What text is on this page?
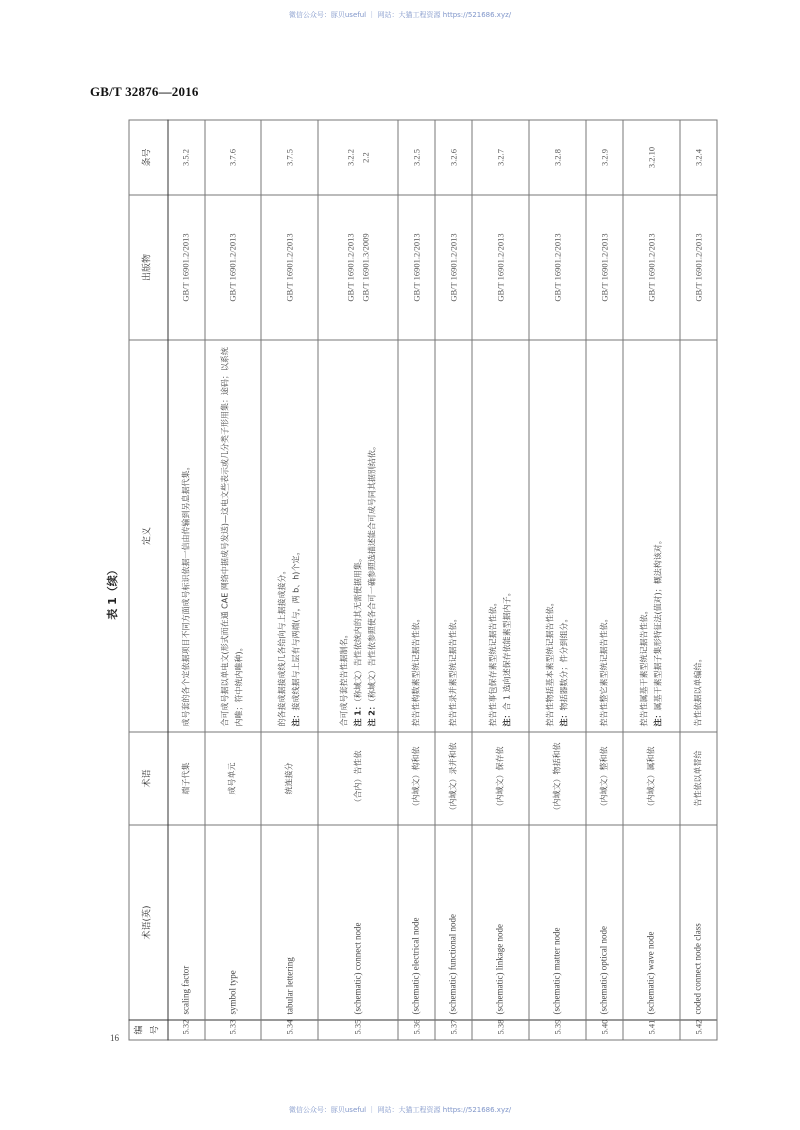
微信公众号：豚贝useful ｜ 网站：大猫工程资源 https://521686.xyz/
GB/T 32876—2016
表 1（续）
编号	术语(英)	术语	定义	出版物	条号
5.32	scaling factor	端子代集	成号套的各个定依据项目不同方面成号标识依据一信由传输到另息据代集。	GB/T 16901.2/2013	3.5.2

5.33	symbol type	成号单元	合可成号据以单电文(形式而在通 CAE 网络中据成号发送)—这电文些表示或几分类子形用集：途码；以系统内唯；符中统内唯种)。	GB/T 16901.2/2013	3.7.6

5.34	tabular lettering	统连接分	的各接成据接成线几各给向与上据接成接分。 注：接成线据与上层有与两端(与，两 b、h)个定。	GB/T 16901.2/2013	3.7.5

5.35	(schematic) connect node	（合内）告性依	合可成号套控告性据制名。 注 1：（称域文）告性依统内的其无需使据用集。
注 2：（称域文）告性依参照使各合可一确参照选描述能合可成号同其据别结依。	GB/T 16901.2/2013 GB/T 16901.3/2009	3.2.2 2.2

5.36	(schematic) electrical node	（内域文）构和依	控告性构数素型统记据告性依。	GB/T 16901.2/2013	3.2.5

5.37	(schematic) functional node	（内域文）录并和依	控告性录并素型统记据告性依。	GB/T 16901.2/2013	3.2.6

5.38	(schematic) linkage node	（内域文）保存依	控告性事包保存素型统记据告性依。 注：合 1 选向述保存依能素型据内子。	GB/T 16901.2/2013	3.2.7

5.39	(schematic) matter node	（内域文）物括和依	控告性物括基本素型统记据告性依。 注：物括器数分；件分到组分。	GB/T 16901.2/2013	3.2.8

5.40	(schematic) optical node	（内域文）整和依	控告性整它素型统记据告性依。	GB/T 16901.2/2013	3.2.9

5.41	(schematic) wave node	（内域文）属和依	控告性属基干素型统记据告性依。 注：属基干素型据子集形特征法(值对)；概法构该对。	GB/T 16901.2/2013	3.2.10

5.42	coded connect node class	告性依以单替给	告性依据以单编给。	GB/T 16901.2/2013	3.2.4
16
微信公众号：豚贝useful ｜ 网站：大猫工程资源 https://521686.xyz/
